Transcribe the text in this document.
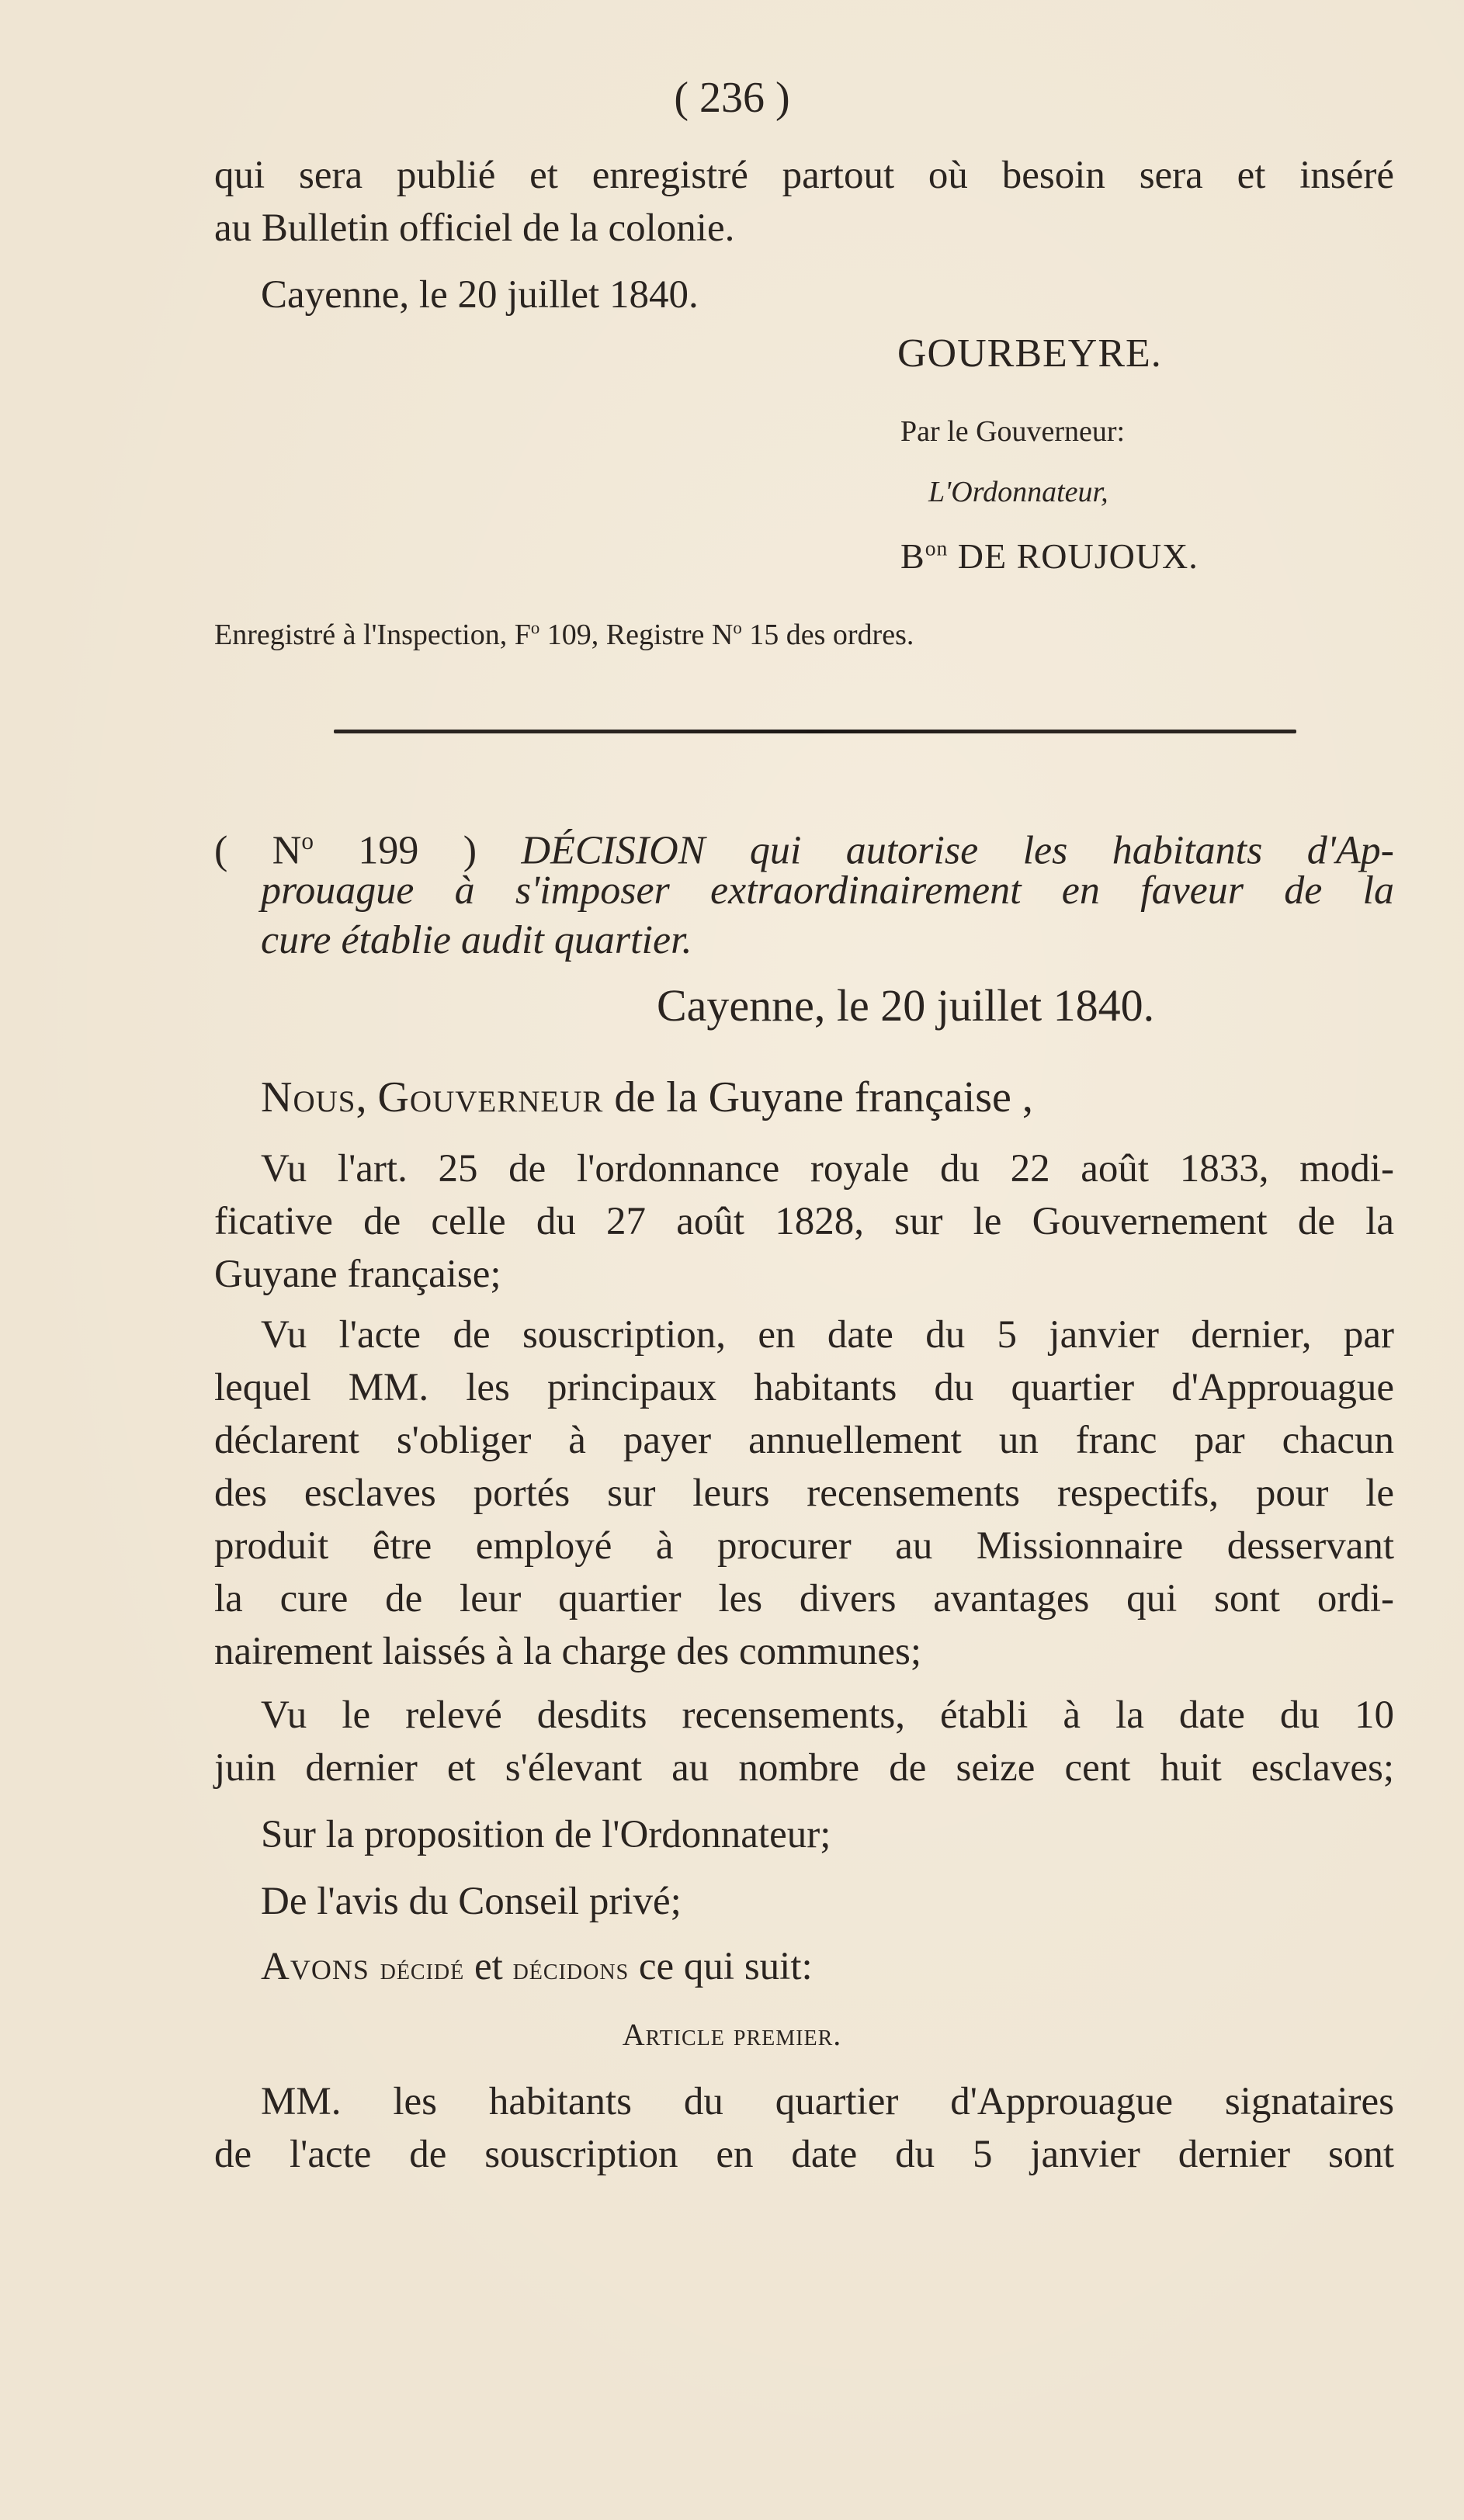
( 236 )
qui sera publié et enregistré partout où besoin sera et inséré
au Bulletin officiel de la colonie.
Cayenne, le 20 juillet 1840.
GOURBEYRE.
Par le Gouverneur:
L'Ordonnateur,
$B^{on}$ DE ROUJOUX.
Enregistré à l'Inspection, $F^o$ 109, Registre $N^o$ 15 des ordres.
( $N^o$ 199 ) DÉCISION qui autorise les habitants d'Ap-
prouague à s'imposer extraordinairement en faveur de la
cure établie audit quartier.
Cayenne, le 20 juillet 1840.
Nous, Gouverneur de la Guyane française ,
Vu l'art. 25 de l'ordonnance royale du 22 août 1833, modi-
ficative de celle du 27 août 1828, sur le Gouvernement de la
Guyane française;
Vu l'acte de souscription, en date du 5 janvier dernier, par
lequel MM. les principaux habitants du quartier d'Approuague
déclarent s'obliger à payer annuellement un franc par chacun
des esclaves portés sur leurs recensements respectifs, pour le
produit être employé à procurer au Missionnaire desservant
la cure de leur quartier les divers avantages qui sont ordi-
nairement laissés à la charge des communes;
Vu le relevé desdits recensements, établi à la date du 10
juin dernier et s'élevant au nombre de seize cent huit esclaves;
Sur la proposition de l'Ordonnateur;
De l'avis du Conseil privé;
Avons décidé et décidons ce qui suit:
Article premier.
MM. les habitants du quartier d'Approuague signataires
de l'acte de souscription en date du 5 janvier dernier sont
